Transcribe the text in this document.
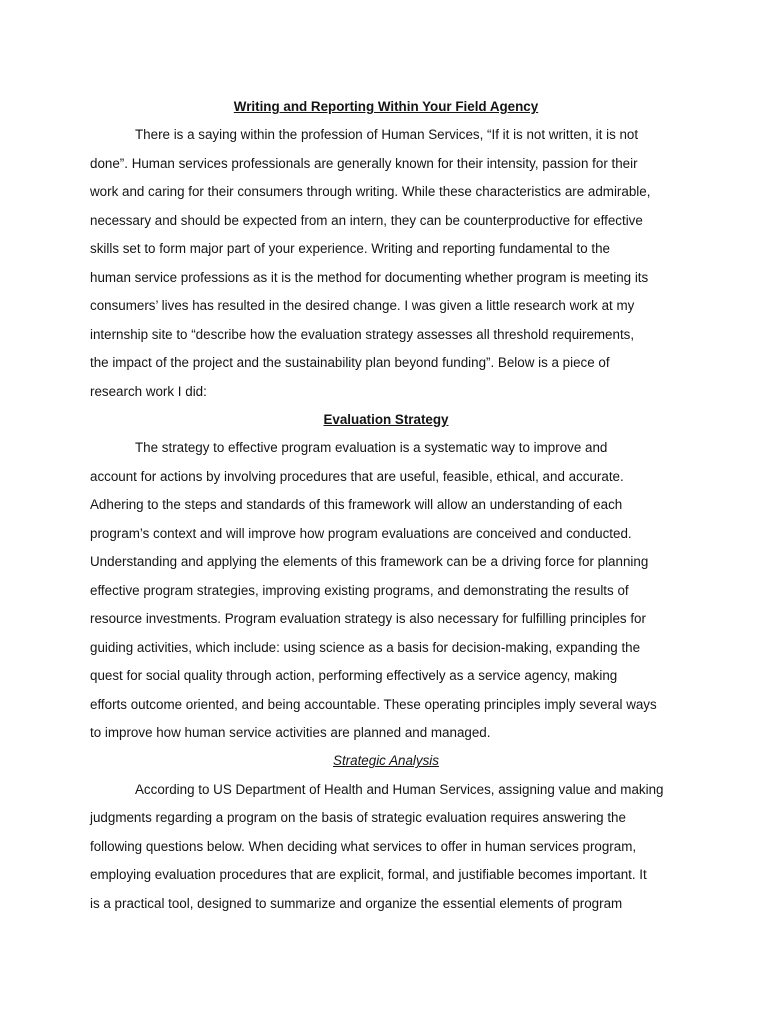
Writing and Reporting Within Your Field Agency

There is a saying within the profession of Human Services, “If it is not written, it is not
done”. Human services professionals are generally known for their intensity, passion for their
work and caring for their consumers through writing. While these characteristics are admirable,
necessary and should be expected from an intern, they can be counterproductive for effective
skills set to form major part of your experience. Writing and reporting fundamental to the
human service professions as it is the method for documenting whether program is meeting its
consumers’ lives has resulted in the desired change. I was given a little research work at my
internship site to “describe how the evaluation strategy assesses all threshold requirements,
the impact of the project and the sustainability plan beyond funding”. Below is a piece of
research work I did:

Evaluation Strategy

The strategy to effective program evaluation is a systematic way to improve and
account for actions by involving procedures that are useful, feasible, ethical, and accurate.
Adhering to the steps and standards of this framework will allow an understanding of each
program’s context and will improve how program evaluations are conceived and conducted.
Understanding and applying the elements of this framework can be a driving force for planning
effective program strategies, improving existing programs, and demonstrating the results of
resource investments. Program evaluation strategy is also necessary for fulfilling principles for
guiding activities, which include: using science as a basis for decision-making, expanding the
quest for social quality through action, performing effectively as a service agency, making
efforts outcome oriented, and being accountable. These operating principles imply several ways
to improve how human service activities are planned and managed.

Strategic Analysis

According to US Department of Health and Human Services, assigning value and making
judgments regarding a program on the basis of strategic evaluation requires answering the
following questions below. When deciding what services to offer in human services program,
employing evaluation procedures that are explicit, formal, and justifiable becomes important. It
is a practical tool, designed to summarize and organize the essential elements of program
